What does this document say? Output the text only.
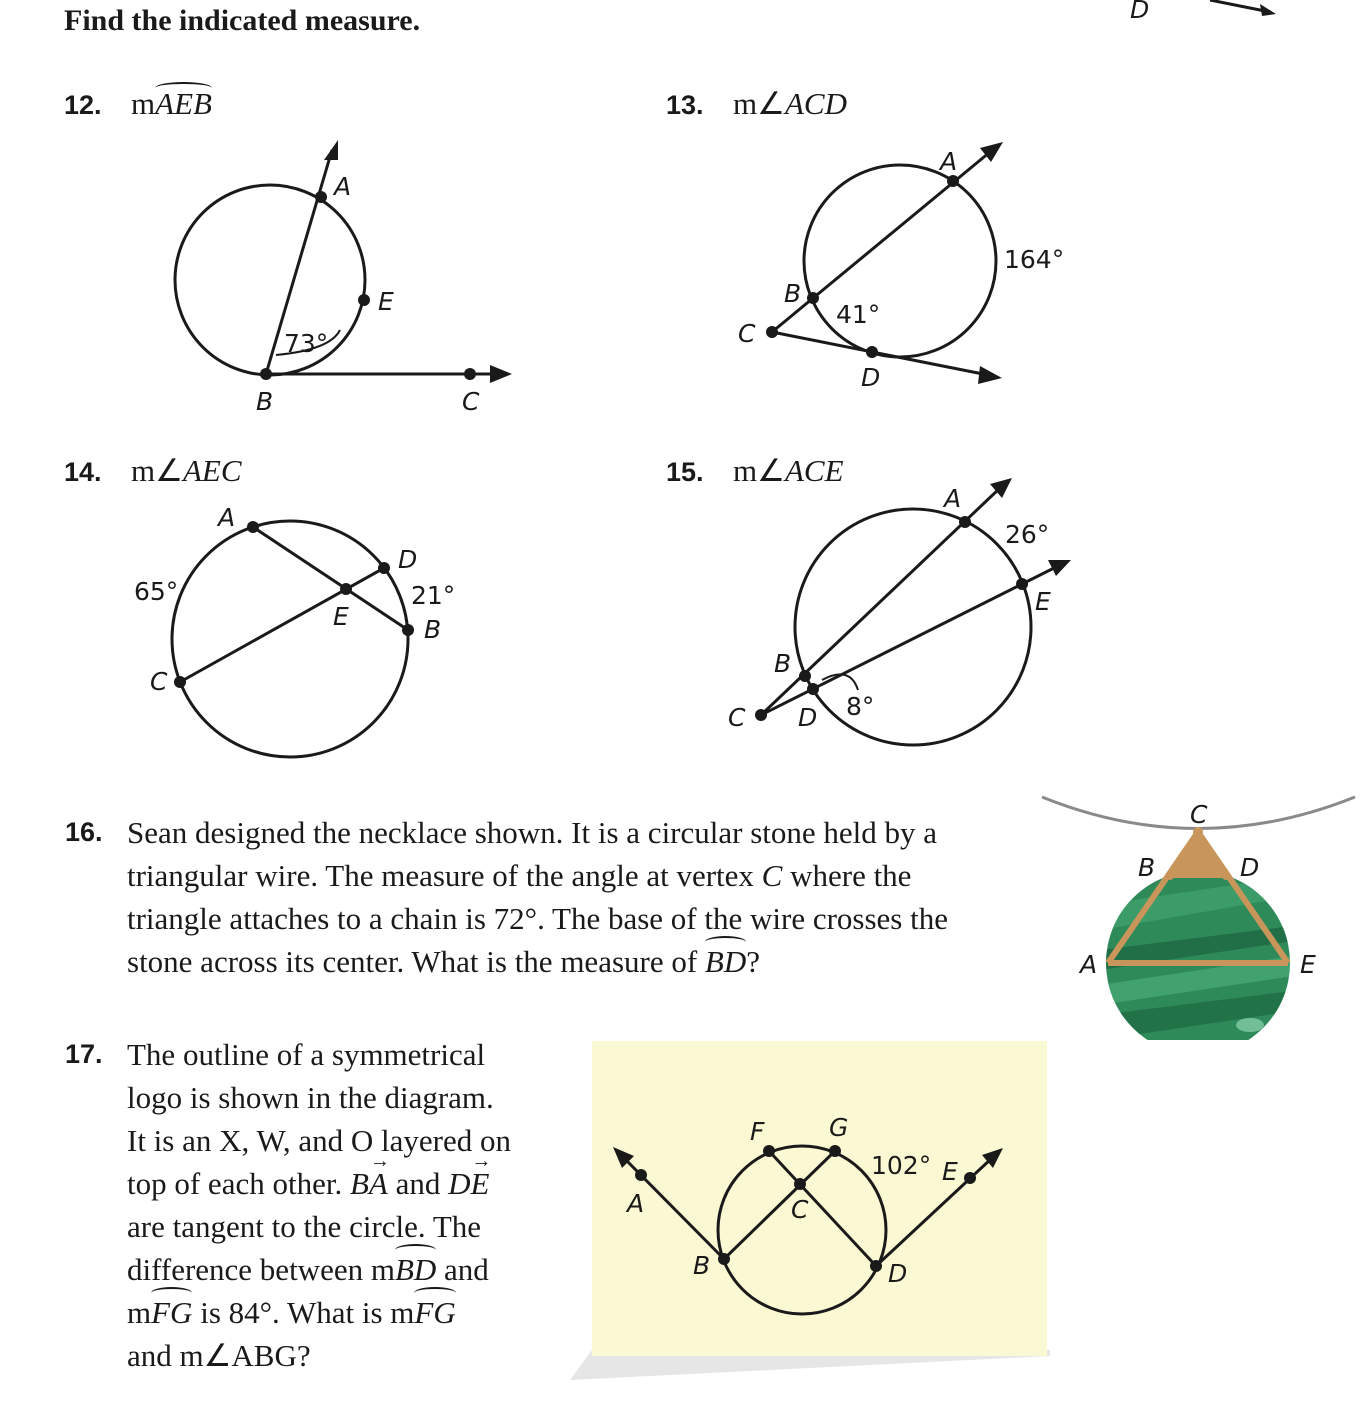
Find the indicated measure.	D
12. mAEB
A
E
B	C
73°
13. m∠ACD
A
B
C
D
164°
41°
14. m∠AEC
A
D
B
C
E
65°	21°
15. m∠ACE
A
E
B
D
C
26°
8°
16. Sean designed the necklace shown. It is a circular stone held by a
triangular wire. The measure of the angle at vertex C where the
triangle attaches to a chain is 72°. The base of the wire crosses the
stone across its center. What is the measure of BD?
C
B	D
A	E
17. The outline of a symmetrical
logo is shown in the diagram.
It is an X, W, and O layered on
top of each other. → BA and → DE
are tangent to the circle. The
difference between mBD and
mFG is 84°. What is mFG
and m∠ABG?
A
B
F	G
C
D
E
102°
